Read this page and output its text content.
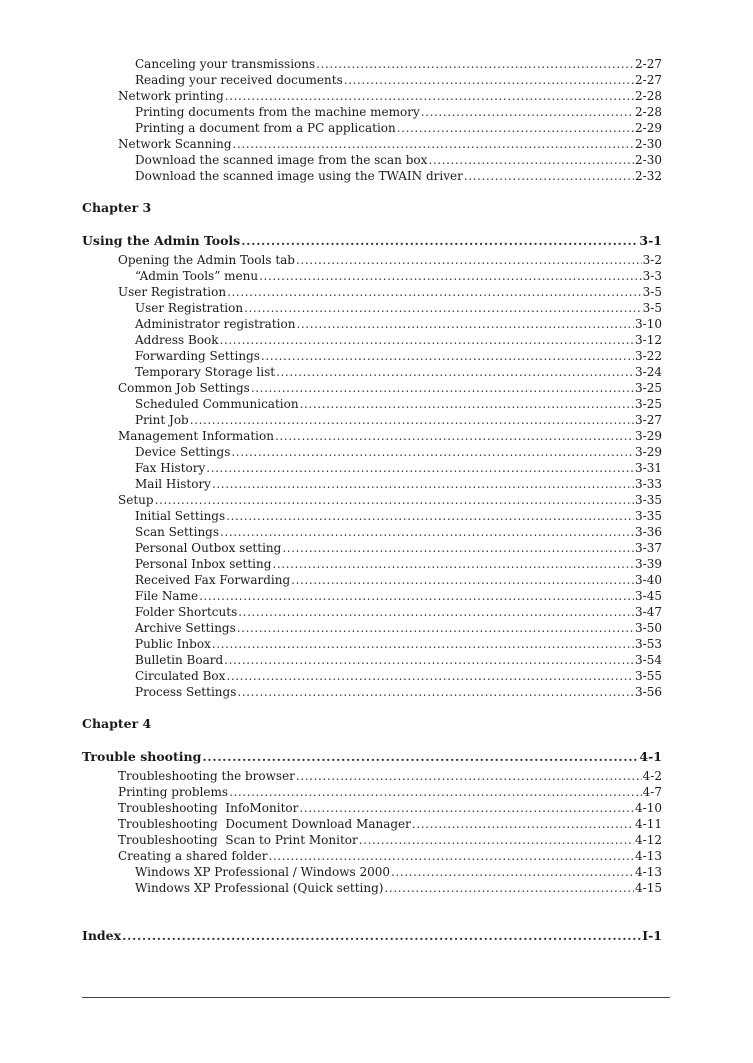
Canceling your transmissions .....	2-27
Reading your received documents .....	2-27
Network printing .....	2-28
Printing documents from the machine memory .....	2-28
Printing a document from a PC application .....	2-29
Network Scanning .....	2-30
Download the scanned image from the scan box .....	2-30
Download the scanned image using the TWAIN driver .....	2-32
Chapter 3
Using the Admin Tools .....	3-1
Opening the Admin Tools tab .....	3-2
“Admin Tools” menu .....	3-3
User Registration .....	3-5
User Registration .....	3-5
Administrator registration .....	3-10
Address Book .....	3-12
Forwarding Settings .....	3-22
Temporary Storage list .....	3-24
Common Job Settings .....	3-25
Scheduled Communication .....	3-25
Print Job .....	3-27
Management Information .....	3-29
Device Settings .....	3-29
Fax History .....	3-31
Mail History .....	3-33
Setup .....	3-35
Initial Settings .....	3-35
Scan Settings .....	3-36
Personal Outbox setting .....	3-37
Personal Inbox setting .....	3-39
Received Fax Forwarding .....	3-40
File Name .....	3-45
Folder Shortcuts .....	3-47
Archive Settings .....	3-50
Public Inbox .....	3-53
Bulletin Board .....	3-54
Circulated Box .....	3-55
Process Settings .....	3-56
Chapter 4
Trouble shooting .....	4-1
Troubleshooting the browser .....	4-2
Printing problems .....	4-7
Troubleshooting  InfoMonitor .....	4-10
Troubleshooting  Document Download Manager .....	4-11
Troubleshooting  Scan to Print Monitor .....	4-12
Creating a shared folder .....	4-13
Windows XP Professional / Windows 2000 .....	4-13
Windows XP Professional (Quick setting) .....	4-15
Index .....	I-1
